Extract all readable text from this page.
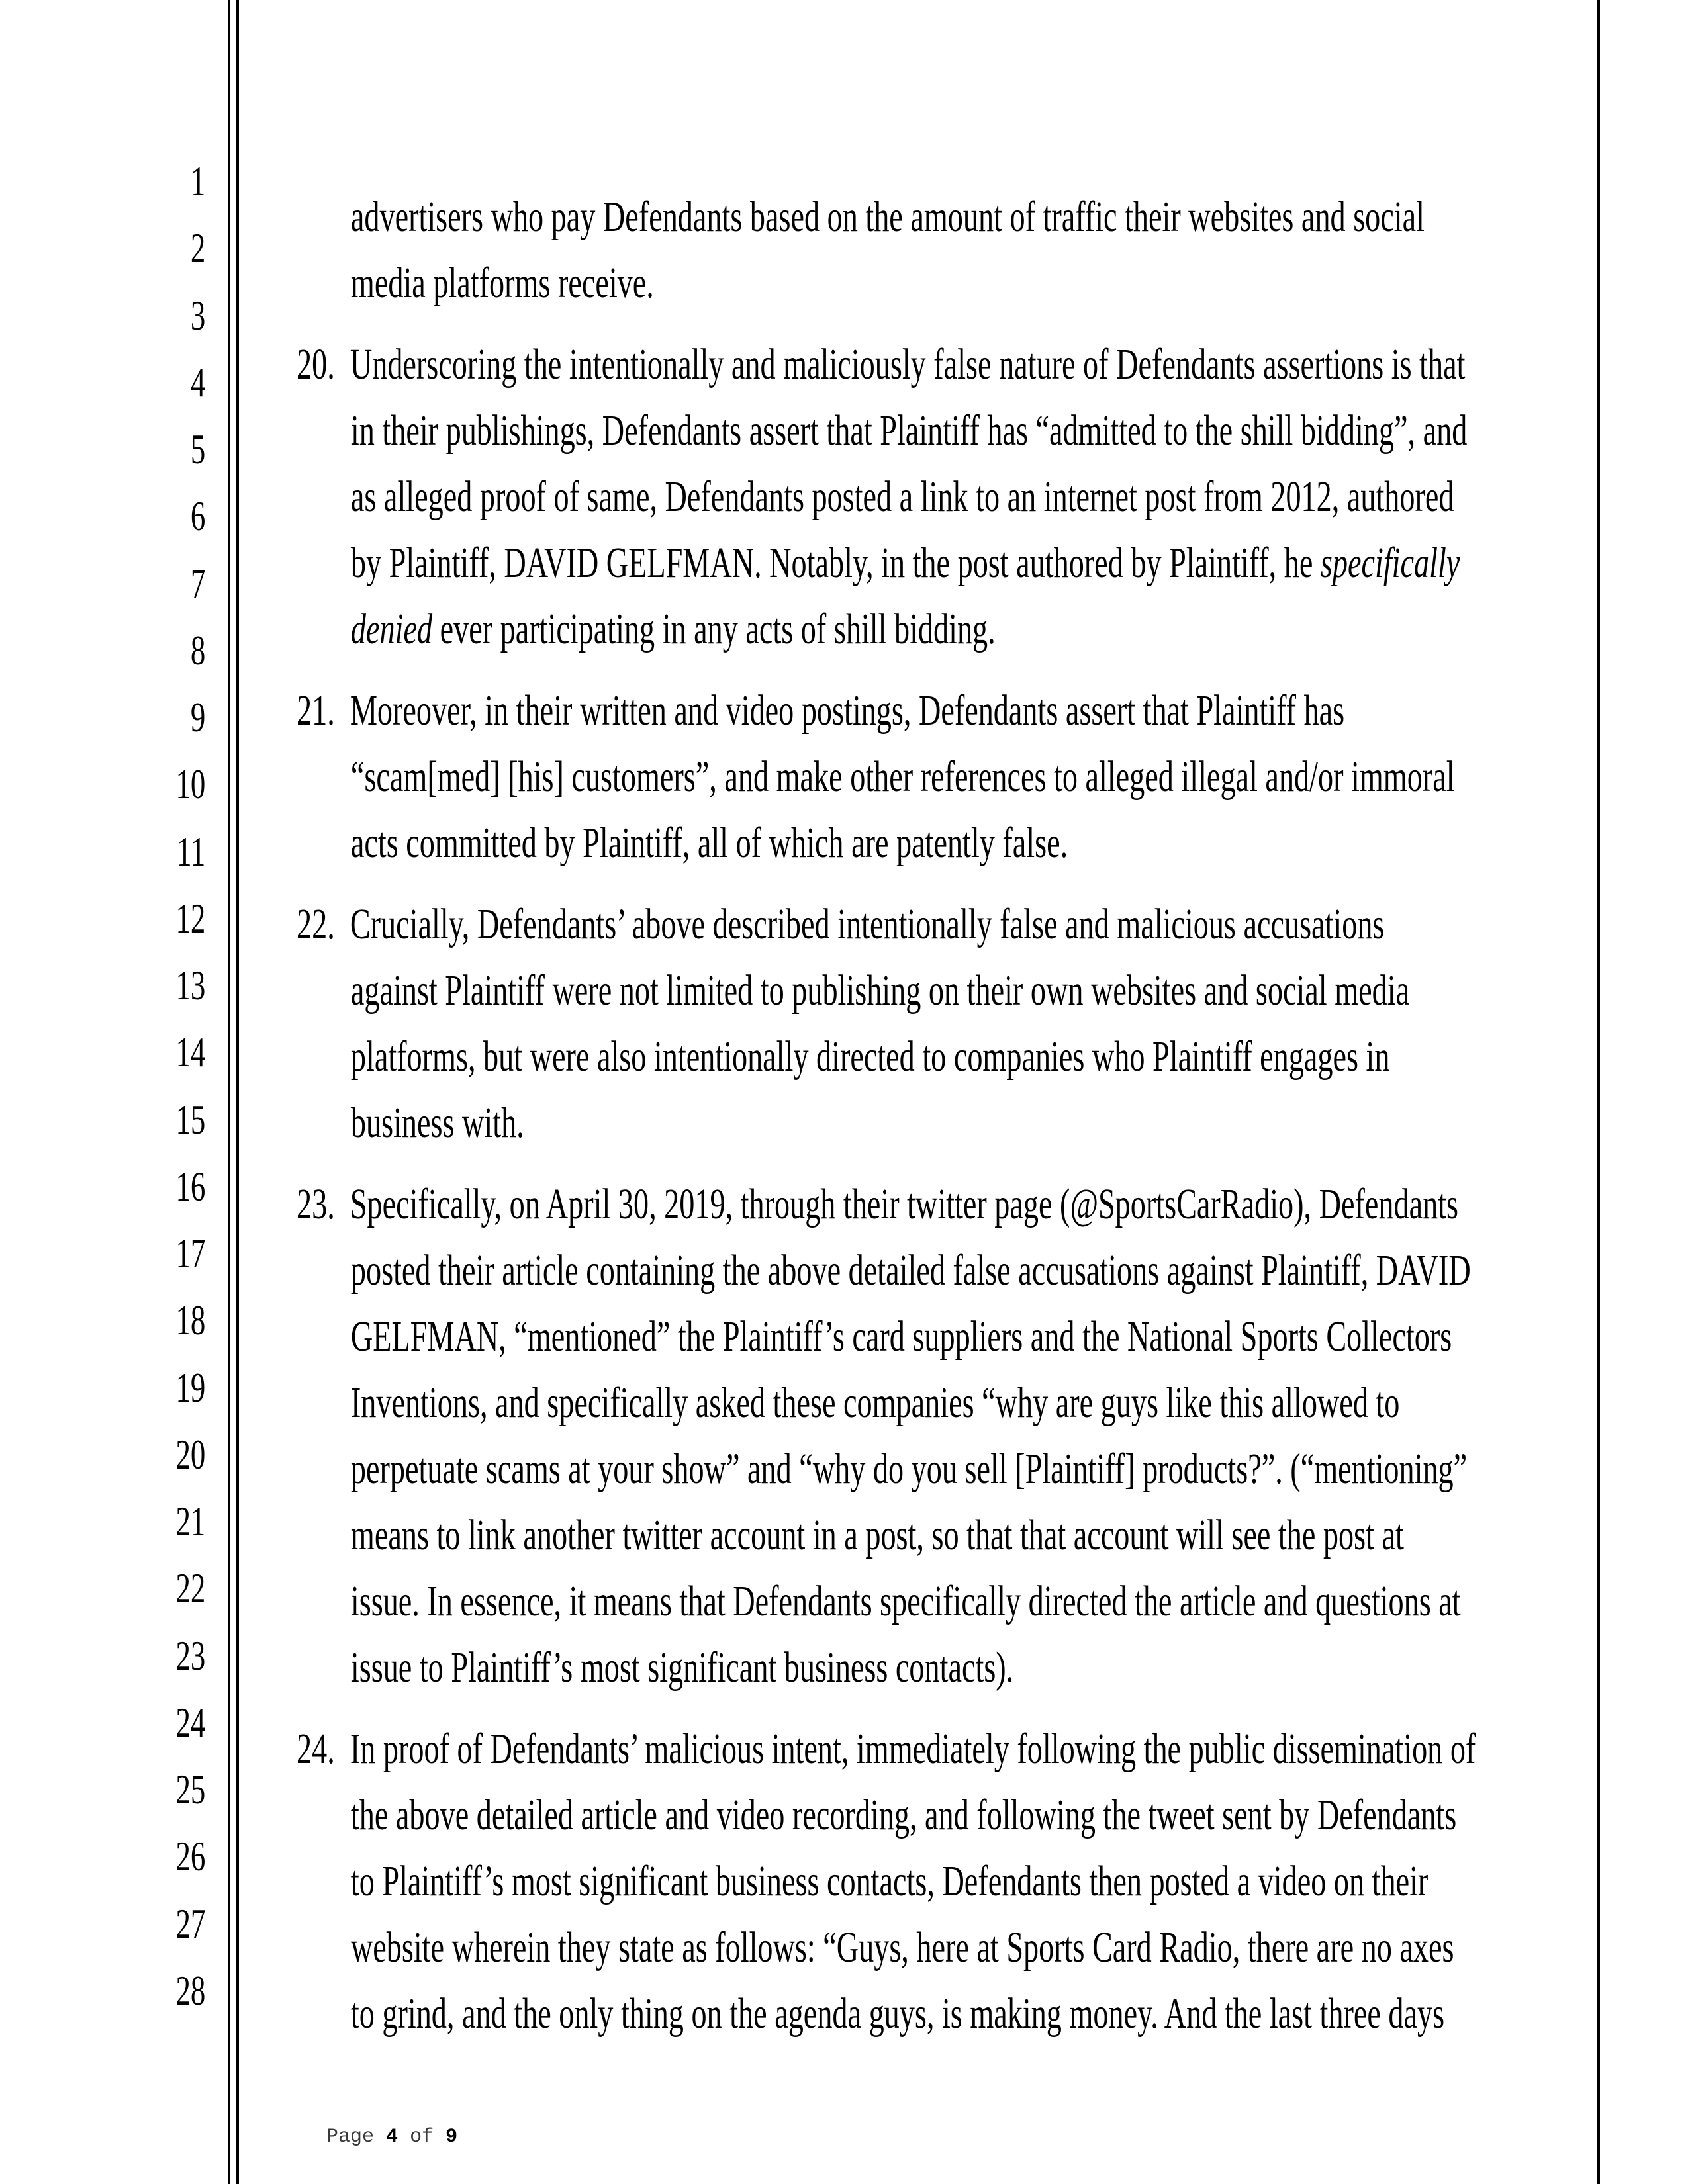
1
2
3
4
5
6
7
8
9
10
11
12
13
14
15
16
17
18
19
20
21
22
23
24
25
26
27
28

advertisers who pay Defendants based on the amount of traffic their websites and social
media platforms receive.

20.  Underscoring the intentionally and maliciously false nature of Defendants assertions is that
in their publishings, Defendants assert that Plaintiff has “admitted to the shill bidding”, and
as alleged proof of same, Defendants posted a link to an internet post from 2012, authored
by Plaintiff, DAVID GELFMAN. Notably, in the post authored by Plaintiff, he specifically
denied ever participating in any acts of shill bidding.

21.  Moreover, in their written and video postings, Defendants assert that Plaintiff has
“scam[med] [his] customers”, and make other references to alleged illegal and/or immoral
acts committed by Plaintiff, all of which are patently false.

22.  Crucially, Defendants’ above described intentionally false and malicious accusations
against Plaintiff were not limited to publishing on their own websites and social media
platforms, but were also intentionally directed to companies who Plaintiff engages in
business with.

23.  Specifically, on April 30, 2019, through their twitter page (@SportsCarRadio), Defendants
posted their article containing the above detailed false accusations against Plaintiff, DAVID
GELFMAN, “mentioned” the Plaintiff’s card suppliers and the National Sports Collectors
Inventions, and specifically asked these companies “why are guys like this allowed to
perpetuate scams at your show” and “why do you sell [Plaintiff] products?”. (“mentioning”
means to link another twitter account in a post, so that that account will see the post at
issue. In essence, it means that Defendants specifically directed the article and questions at
issue to Plaintiff’s most significant business contacts).

24.  In proof of Defendants’ malicious intent, immediately following the public dissemination of
the above detailed article and video recording, and following the tweet sent by Defendants
to Plaintiff’s most significant business contacts, Defendants then posted a video on their
website wherein they state as follows: “Guys, here at Sports Card Radio, there are no axes
to grind, and the only thing on the agenda guys, is making money. And the last three days

Page 4 of 9
